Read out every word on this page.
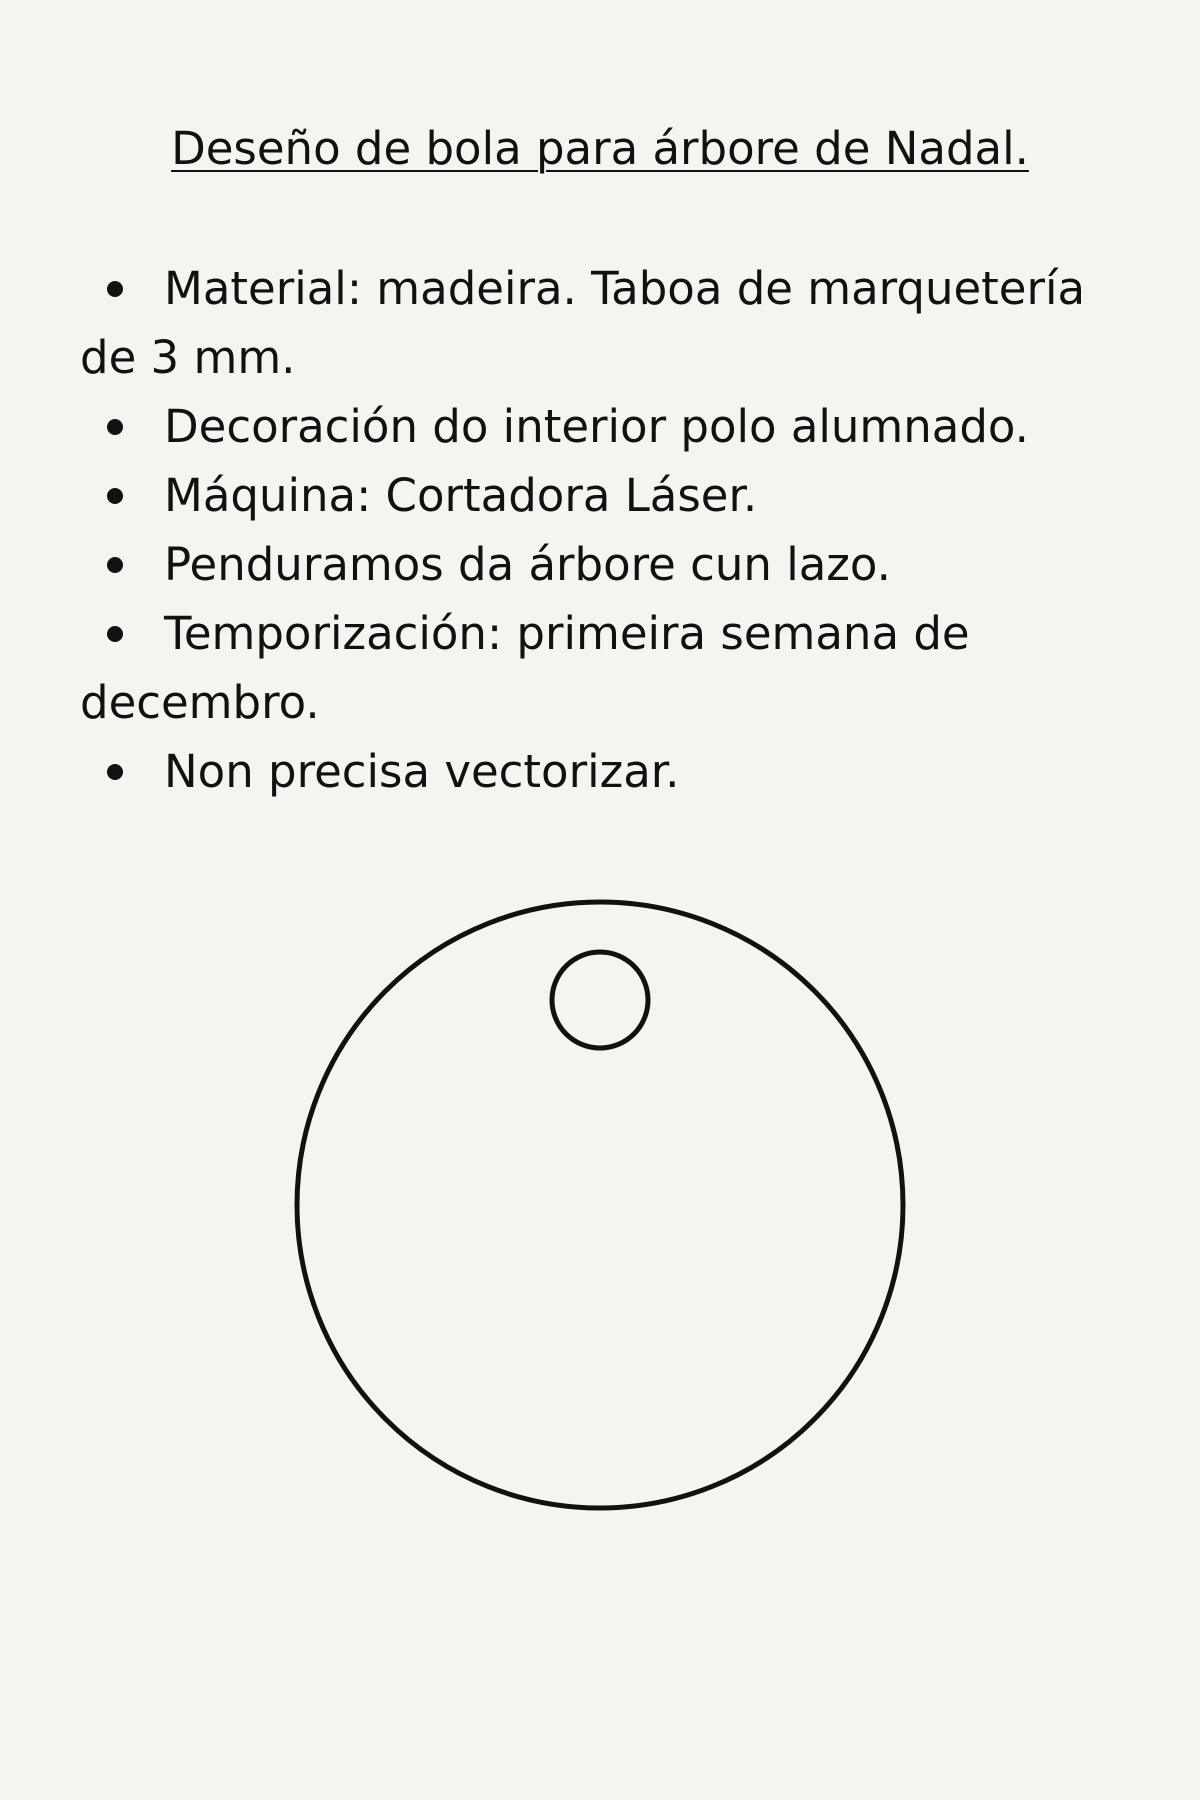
Deseño de bola para árbore de Nadal.
Material: madeira. Taboa de marquetería de 3 mm.
Decoración do interior polo alumnado.
Máquina: Cortadora Láser.
Penduramos da árbore cun lazo.
Temporización: primeira semana de decembro.
Non precisa vectorizar.
